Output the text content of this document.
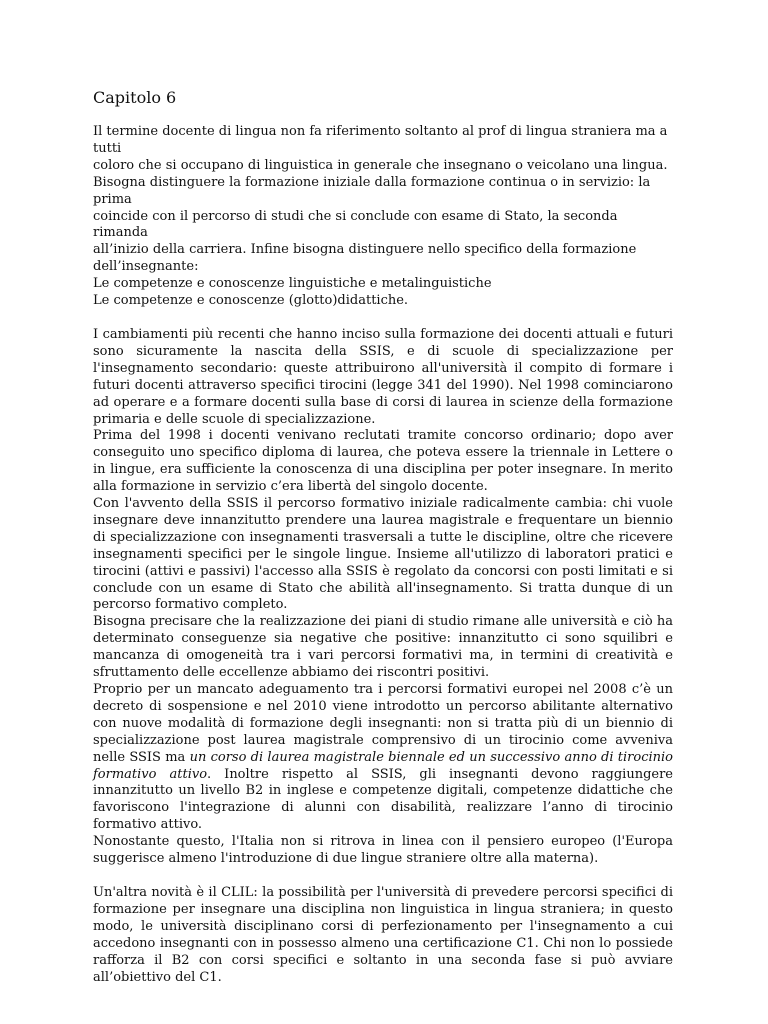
Capitolo 6
Il termine docente di lingua non fa riferimento soltanto al prof di lingua straniera ma a tutti
coloro che si occupano di linguistica in generale che insegnano o veicolano una lingua.
Bisogna distinguere la formazione iniziale dalla formazione continua o in servizio: la prima
coincide con il percorso di studi che si conclude con esame di Stato, la seconda rimanda
all’inizio della carriera. Infine bisogna distinguere nello specifico della formazione
dell’insegnante:
Le competenze e conoscenze linguistiche e metalinguistiche
Le competenze e conoscenze (glotto)didattiche.

I cambiamenti più recenti che hanno inciso sulla formazione dei docenti attuali e futuri sono sicuramente la nascita della SSIS, e di scuole di specializzazione per l'insegnamento secondario: queste attribuirono all'università il compito di formare i futuri docenti attraverso specifici tirocini (legge 341 del 1990). Nel 1998 cominciarono ad operare e a formare docenti sulla base di corsi di laurea in scienze della formazione primaria e delle scuole di specializzazione.

Prima del 1998 i docenti venivano reclutati tramite concorso ordinario; dopo aver conseguito uno specifico diploma di laurea, che poteva essere la triennale in Lettere o in lingue, era sufficiente la conoscenza di una disciplina per poter insegnare. In merito alla formazione in servizio c’era libertà del singolo docente.

Con l'avvento della SSIS il percorso formativo iniziale radicalmente cambia: chi vuole insegnare deve innanzitutto prendere una laurea magistrale e frequentare un biennio di specializzazione con insegnamenti trasversali a tutte le discipline, oltre che ricevere insegnamenti specifici per le singole lingue. Insieme all'utilizzo di laboratori pratici e tirocini (attivi e passivi) l'accesso alla SSIS è regolato da concorsi con posti limitati e si conclude con un esame di Stato che abilità all'insegnamento. Si tratta dunque di un percorso formativo completo.

Bisogna precisare che la realizzazione dei piani di studio rimane alle università e ciò ha determinato conseguenze sia negative che positive: innanzitutto ci sono squilibri e mancanza di omogeneità tra i vari percorsi formativi ma, in termini di creatività e sfruttamento delle eccellenze abbiamo dei riscontri positivi.

Proprio per un mancato adeguamento tra i percorsi formativi europei nel 2008 c’è un decreto di sospensione e nel 2010 viene introdotto un percorso abilitante alternativo con nuove modalità di formazione degli insegnanti: non si tratta più di un biennio di specializzazione post laurea magistrale comprensivo di un tirocinio come avveniva nelle SSIS ma un corso di laurea magistrale biennale ed un successivo anno di tirocinio formativo attivo. Inoltre rispetto al SSIS, gli insegnanti devono raggiungere innanzitutto un livello B2 in inglese e competenze digitali, competenze didattiche che favoriscono l'integrazione di alunni con disabilità, realizzare l’anno di tirocinio formativo attivo.

Nonostante questo, l'Italia non si ritrova in linea con il pensiero europeo (l'Europa suggerisce almeno l'introduzione di due lingue straniere oltre alla materna).

Un'altra novità è il CLIL: la possibilità per l'università di prevedere percorsi specifici di formazione per insegnare una disciplina non linguistica in lingua straniera; in questo modo, le università disciplinano corsi di perfezionamento per l'insegnamento a cui accedono insegnanti con in possesso almeno una certificazione C1. Chi non lo possiede rafforza il B2 con corsi specifici e soltanto in una seconda fase si può avviare all’obiettivo del C1.
